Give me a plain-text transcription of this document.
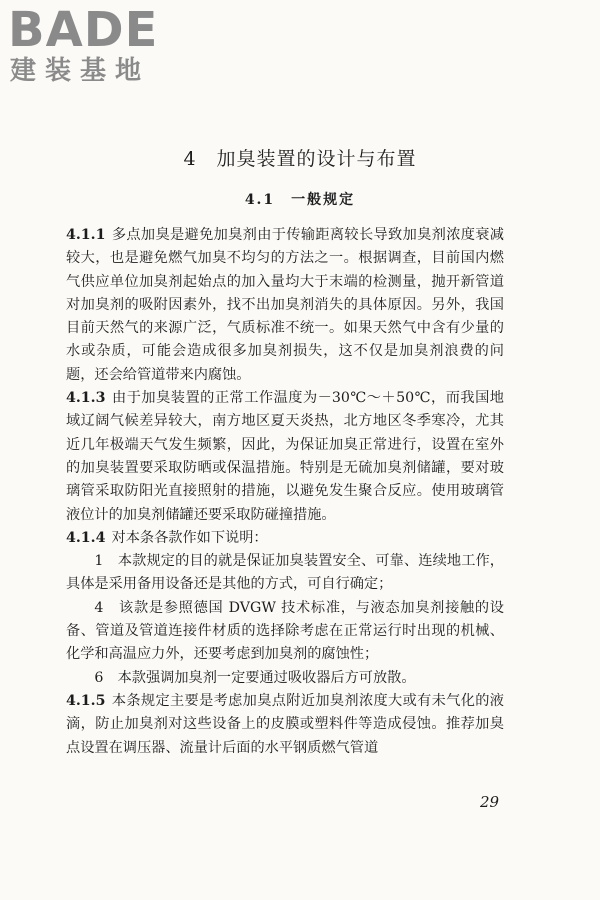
BADE
建装基地
4　加臭装置的设计与布置
4.1　一般规定

4.1.1 多点加臭是避免加臭剂由于传输距离较长导致加臭剂浓度衰减较大，也是避免燃气加臭不均匀的方法之一。根据调查，目前国内燃气供应单位加臭剂起始点的加入量均大于末端的检测量，抛开新管道对加臭剂的吸附因素外，找不出加臭剂消失的具体原因。另外，我国目前天然气的来源广泛，气质标准不统一。如果天然气中含有少量的水或杂质，可能会造成很多加臭剂损失，这不仅是加臭剂浪费的问题，还会给管道带来内腐蚀。

4.1.3 由于加臭装置的正常工作温度为－30℃～＋50℃，而我国地域辽阔气候差异较大，南方地区夏天炎热，北方地区冬季寒冷，尤其近几年极端天气发生频繁，因此，为保证加臭正常进行，设置在室外的加臭装置要采取防晒或保温措施。特别是无硫加臭剂储罐，要对玻璃管采取防阳光直接照射的措施，以避免发生聚合反应。使用玻璃管液位计的加臭剂储罐还要采取防碰撞措施。

4.1.4 对本条各款作如下说明：

1　本款规定的目的就是保证加臭装置安全、可靠、连续地工作，具体是采用备用设备还是其他的方式，可自行确定；

4　该款是参照德国 DVGW 技术标准，与液态加臭剂接触的设备、管道及管道连接件材质的选择除考虑在正常运行时出现的机械、化学和高温应力外，还要考虑到加臭剂的腐蚀性；

6　本款强调加臭剂一定要通过吸收器后方可放散。

4.1.5 本条规定主要是考虑加臭点附近加臭剂浓度大或有未气化的液滴，防止加臭剂对这些设备上的皮膜或塑料件等造成侵蚀。推荐加臭点设置在调压器、流量计后面的水平钢质燃气管道

29
